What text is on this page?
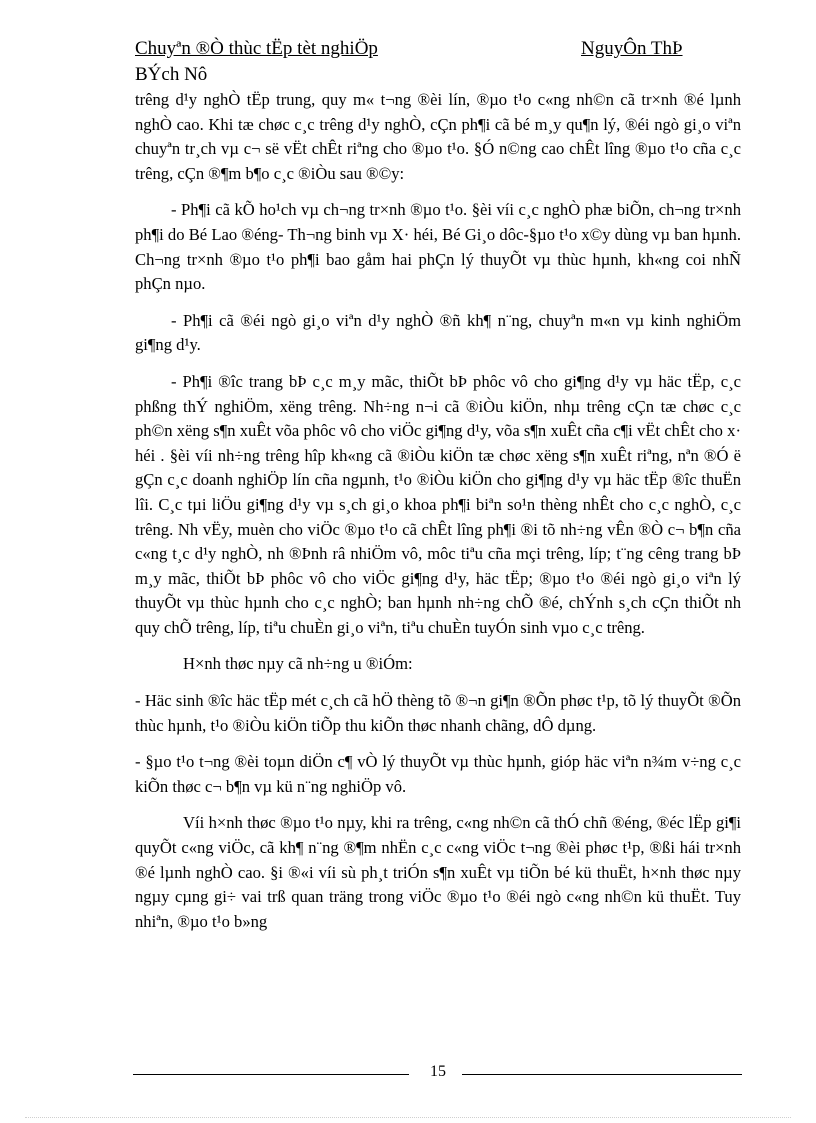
Chuyªn ®Ò thùc tËp tèt nghiÖp	NguyÔn ThÞ
BÝch Nô

trêng d¹y nghÒ tËp trung, quy m« t¬ng ®èi lín, ®µo t¹o c«ng nh©n cã tr×nh ®é lµnh nghÒ cao. Khi tæ chøc c¸c trêng d¹y nghÒ, cÇn ph¶i cã bé m¸y qu¶n lý, ®éi ngò gi¸o viªn chuyªn tr¸ch vµ c¬ së vËt chÊt riªng cho ®µo t¹o. §Ó n©ng cao chÊt lîng ®µo t¹o cña c¸c trêng, cÇn ®¶m b¶o c¸c ®iÒu sau ®©y:

- Ph¶i cã kÕ ho¹ch vµ ch¬ng tr×nh ®µo t¹o. §èi víi c¸c nghÒ phæ biÕn, ch¬ng tr×nh ph¶i do Bé Lao ®éng- Th¬ng binh vµ X· héi, Bé Gi¸o dôc-§µo t¹o x©y dùng vµ ban hµnh. Ch¬ng tr×nh ®µo t¹o ph¶i bao gåm hai phÇn lý thuyÕt vµ thùc hµnh, kh«ng coi nhÑ phÇn nµo.

- Ph¶i cã ®éi ngò gi¸o viªn d¹y nghÒ ®ñ kh¶ n¨ng, chuyªn m«n vµ kinh nghiÖm gi¶ng d¹y.

- Ph¶i ®îc trang bÞ c¸c m¸y mãc, thiÕt bÞ phôc vô cho gi¶ng d¹y vµ häc tËp, c¸c phßng thÝ nghiÖm, xëng trêng. Nh÷ng n¬i cã ®iÒu kiÖn, nhµ trêng cÇn tæ chøc c¸c ph©n xëng s¶n xuÊt võa phôc vô cho viÖc gi¶ng d¹y, võa s¶n xuÊt cña c¶i vËt chÊt cho x· héi . §èi víi nh÷ng trêng hîp kh«ng cã ®iÒu kiÖn tæ chøc xëng s¶n xuÊt riªng, nªn ®Ó ë gÇn c¸c doanh nghiÖp lín cña ngµnh, t¹o ®iÒu kiÖn cho gi¶ng d¹y vµ häc tËp ®îc thuËn lîi. C¸c tµi liÖu gi¶ng d¹y vµ s¸ch gi¸o khoa ph¶i biªn so¹n thèng nhÊt cho c¸c nghÒ, c¸c trêng. Nh vËy, muèn cho viÖc ®µo t¹o cã chÊt lîng ph¶i ®i tõ nh÷ng vÊn ®Ò c¬ b¶n cña c«ng t¸c d¹y nghÒ, nh ®Þnh râ nhiÖm vô, môc tiªu cña mçi trêng, líp; t¨ng cêng trang bÞ m¸y mãc, thiÕt bÞ phôc vô cho viÖc gi¶ng d¹y, häc tËp; ®µo t¹o ®éi ngò gi¸o viªn lý thuyÕt vµ thùc hµnh cho c¸c nghÒ; ban hµnh nh÷ng chÕ ®é, chÝnh s¸ch cÇn thiÕt nh quy chÕ trêng, líp, tiªu chuÈn gi¸o viªn, tiªu chuÈn tuyÓn sinh vµo c¸c trêng.

H×nh thøc nµy cã nh÷ng u ®iÓm:

- Häc sinh ®îc häc tËp mét c¸ch cã hÖ thèng tõ ®¬n gi¶n ®Õn phøc t¹p, tõ lý thuyÕt ®Õn thùc hµnh, t¹o ®iÒu kiÖn tiÕp thu kiÕn thøc nhanh chãng, dÔ dµng.

- §µo t¹o t¬ng ®èi toµn diÖn c¶ vÒ lý thuyÕt vµ thùc hµnh, gióp häc viªn n¾m v÷ng c¸c kiÕn thøc c¬ b¶n vµ kü n¨ng nghiÖp vô.

Víi h×nh thøc ®µo t¹o nµy, khi ra trêng, c«ng nh©n cã thÓ chñ ®éng, ®éc lËp gi¶i quyÕt c«ng viÖc, cã kh¶ n¨ng ®¶m nhËn c¸c c«ng viÖc t¬ng ®èi phøc t¹p, ®ßi hái tr×nh ®é lµnh nghÒ cao. §i ®«i víi sù ph¸t triÓn s¶n xuÊt vµ tiÕn bé kü thuËt, h×nh thøc nµy ngµy cµng gi÷ vai trß quan träng trong viÖc ®µo t¹o ®éi ngò c«ng nh©n kü thuËt. Tuy nhiªn, ®µo t¹o b»ng

15
